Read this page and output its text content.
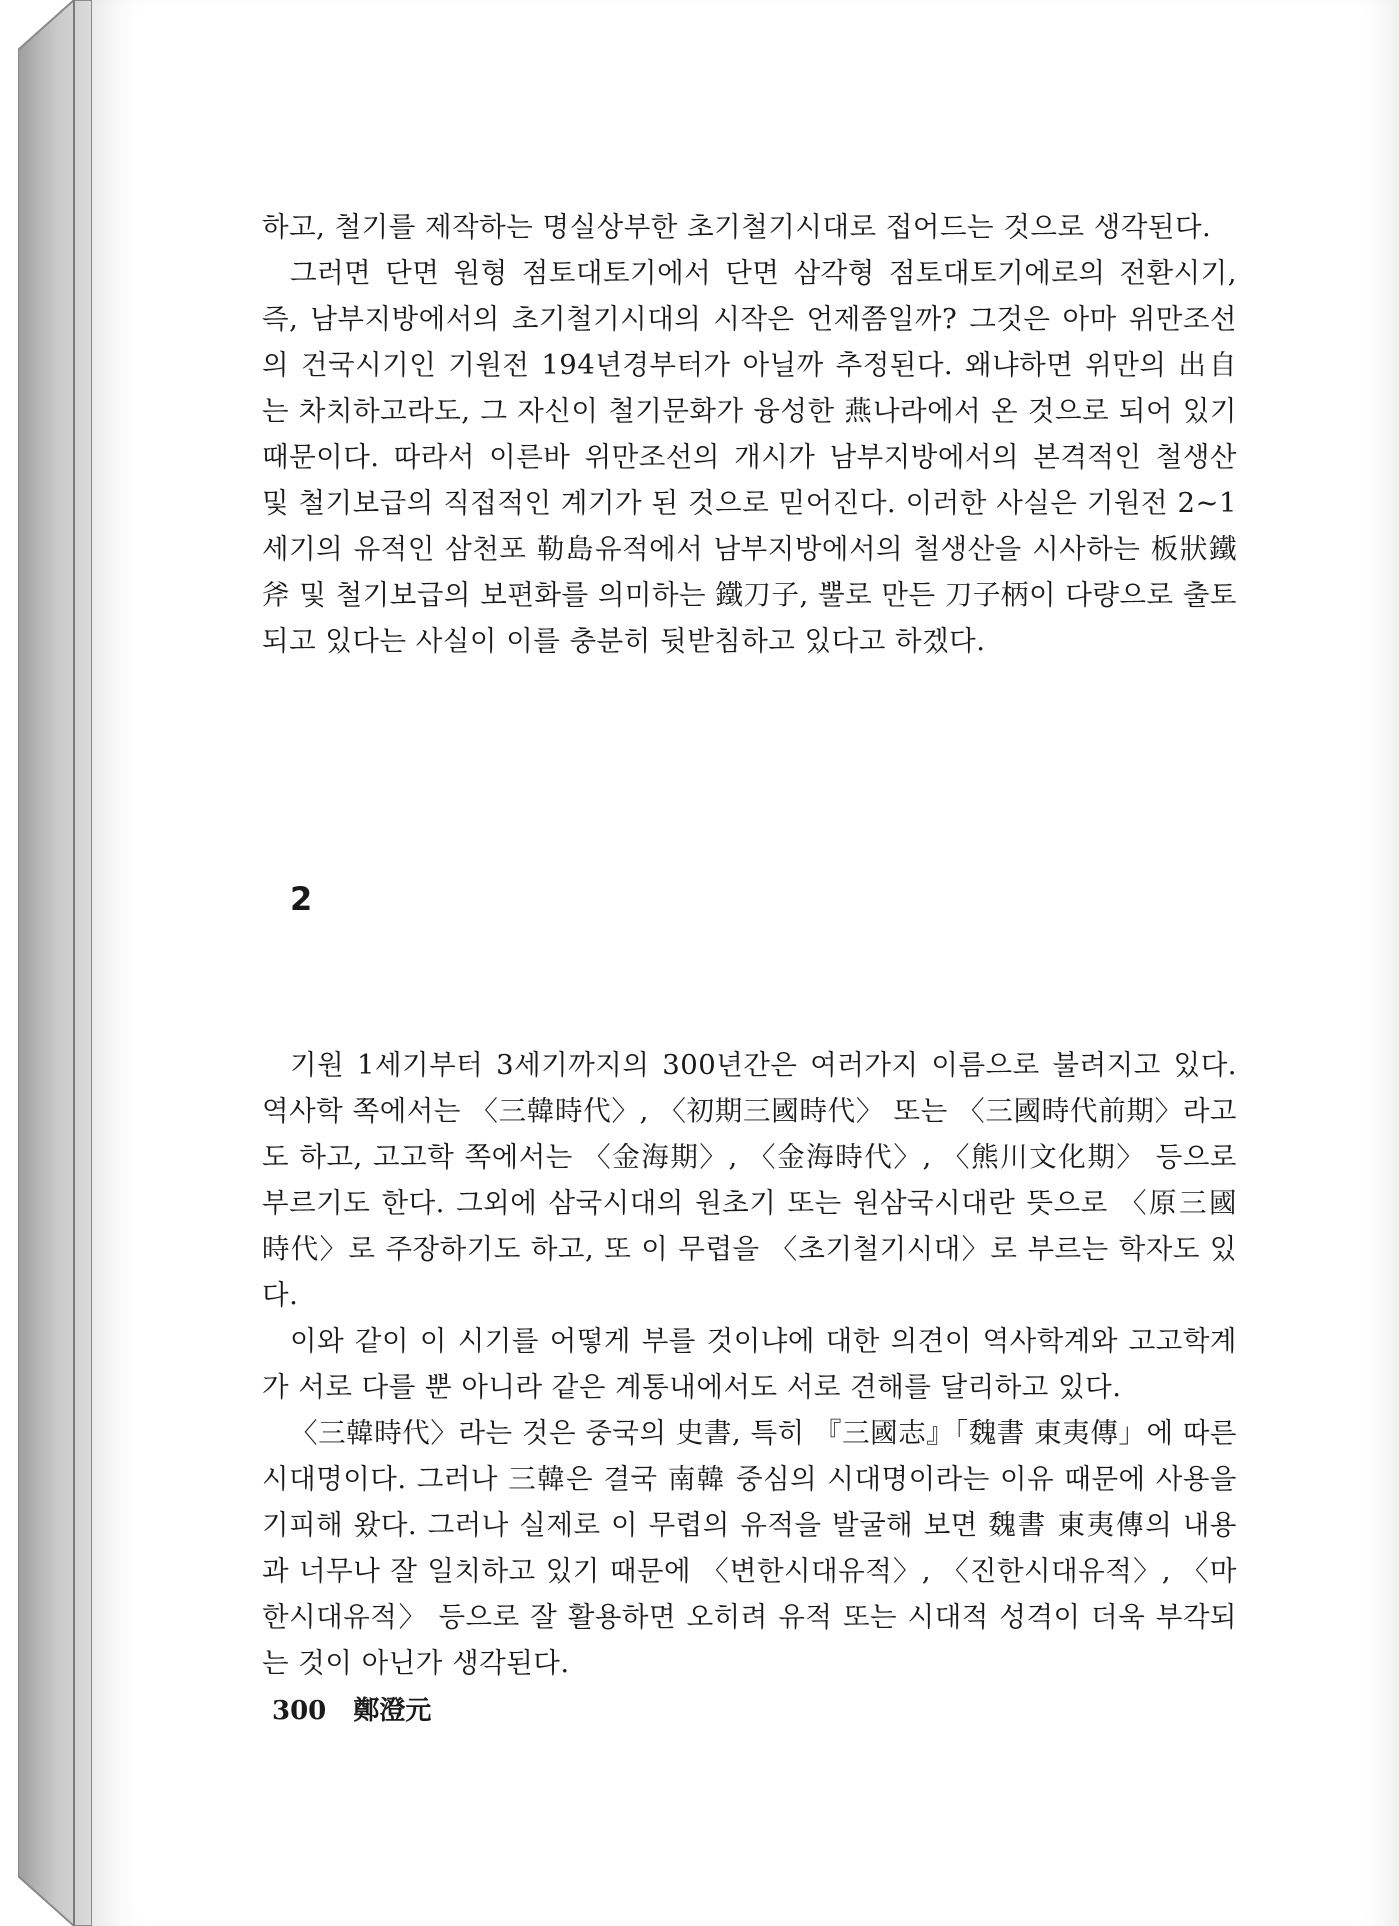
하고, 철기를 제작하는 명실상부한 초기철기시대로 접어드는 것으로 생각된다.

그러면 단면 원형 점토대토기에서 단면 삼각형 점토대토기에로의 전환시기, 즉, 남부지방에서의 초기철기시대의 시작은 언제쯤일까? 그것은 아마 위만조선의 건국시기인 기원전 194년경부터가 아닐까 추정된다. 왜냐하면 위만의 出自는 차치하고라도, 그 자신이 철기문화가 융성한 燕나라에서 온 것으로 되어 있기 때문이다. 따라서 이른바 위만조선의 개시가 남부지방에서의 본격적인 철생산 및 철기보급의 직접적인 계기가 된 것으로 믿어진다. 이러한 사실은 기원전 2~1세기의 유적인 삼천포 勒島유적에서 남부지방에서의 철생산을 시사하는 板狀鐵斧 및 철기보급의 보편화를 의미하는 鐵刀子, 뿔로 만든 刀子柄이 다량으로 출토되고 있다는 사실이 이를 충분히 뒷받침하고 있다고 하겠다.

2

기원 1세기부터 3세기까지의 300년간은 여러가지 이름으로 불려지고 있다. 역사학 쪽에서는 〈三韓時代〉, 〈初期三國時代〉 또는 〈三國時代前期〉라고도 하고, 고고학 쪽에서는 〈金海期〉, 〈金海時代〉, 〈熊川文化期〉 등으로 부르기도 한다. 그외에 삼국시대의 원초기 또는 원삼국시대란 뜻으로 〈原三國時代〉로 주장하기도 하고, 또 이 무렵을 〈초기철기시대〉로 부르는 학자도 있다.

이와 같이 이 시기를 어떻게 부를 것이냐에 대한 의견이 역사학계와 고고학계가 서로 다를 뿐 아니라 같은 계통내에서도 서로 견해를 달리하고 있다.

〈三韓時代〉라는 것은 중국의 史書, 특히 『三國志』「魏書 東夷傳」에 따른 시대명이다. 그러나 三韓은 결국 南韓 중심의 시대명이라는 이유 때문에 사용을 기피해 왔다. 그러나 실제로 이 무렵의 유적을 발굴해 보면 魏書 東夷傳의 내용과 너무나 잘 일치하고 있기 때문에 〈변한시대유적〉, 〈진한시대유적〉, 〈마한시대유적〉 등으로 잘 활용하면 오히려 유적 또는 시대적 성격이 더욱 부각되는 것이 아닌가 생각된다.

300 鄭澄元
